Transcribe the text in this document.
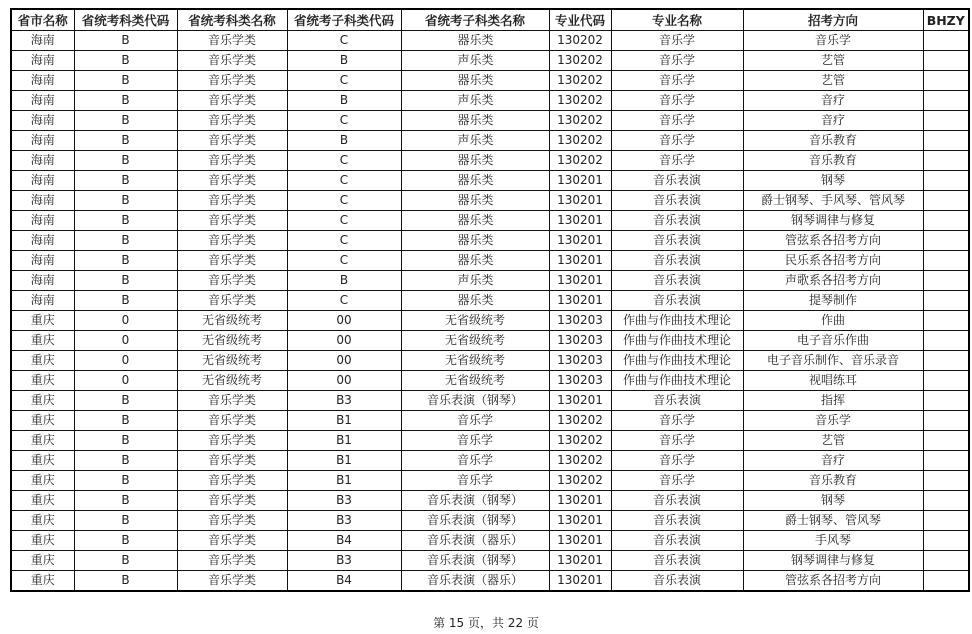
省市名称	省统考科类代码	省统考科类名称	省统考子科类代码	省统考子科类名称	专业代码	专业名称	招考方向	BHZY
海南	B	音乐学类	C	器乐类	130202	音乐学	音乐学	
海南	B	音乐学类	B	声乐类	130202	音乐学	艺管	
海南	B	音乐学类	C	器乐类	130202	音乐学	艺管	
海南	B	音乐学类	B	声乐类	130202	音乐学	音疗	
海南	B	音乐学类	C	器乐类	130202	音乐学	音疗	
海南	B	音乐学类	B	声乐类	130202	音乐学	音乐教育	
海南	B	音乐学类	C	器乐类	130202	音乐学	音乐教育	
海南	B	音乐学类	C	器乐类	130201	音乐表演	钢琴	
海南	B	音乐学类	C	器乐类	130201	音乐表演	爵士钢琴、手风琴、管风琴	
海南	B	音乐学类	C	器乐类	130201	音乐表演	钢琴调律与修复	
海南	B	音乐学类	C	器乐类	130201	音乐表演	管弦系各招考方向	
海南	B	音乐学类	C	器乐类	130201	音乐表演	民乐系各招考方向	
海南	B	音乐学类	B	声乐类	130201	音乐表演	声歌系各招考方向	
海南	B	音乐学类	C	器乐类	130201	音乐表演	提琴制作	
重庆	0	无省级统考	00	无省级统考	130203	作曲与作曲技术理论	作曲	
重庆	0	无省级统考	00	无省级统考	130203	作曲与作曲技术理论	电子音乐作曲	
重庆	0	无省级统考	00	无省级统考	130203	作曲与作曲技术理论	电子音乐制作、音乐录音	
重庆	0	无省级统考	00	无省级统考	130203	作曲与作曲技术理论	视唱练耳	
重庆	B	音乐学类	B3	音乐表演（钢琴）	130201	音乐表演	指挥	
重庆	B	音乐学类	B1	音乐学	130202	音乐学	音乐学	
重庆	B	音乐学类	B1	音乐学	130202	音乐学	艺管	
重庆	B	音乐学类	B1	音乐学	130202	音乐学	音疗	
重庆	B	音乐学类	B1	音乐学	130202	音乐学	音乐教育	
重庆	B	音乐学类	B3	音乐表演（钢琴）	130201	音乐表演	钢琴	
重庆	B	音乐学类	B3	音乐表演（钢琴）	130201	音乐表演	爵士钢琴、管风琴	
重庆	B	音乐学类	B4	音乐表演（器乐）	130201	音乐表演	手风琴	
重庆	B	音乐学类	B3	音乐表演（钢琴）	130201	音乐表演	钢琴调律与修复	
重庆	B	音乐学类	B4	音乐表演（器乐）	130201	音乐表演	管弦系各招考方向	
第 15 页，共 22 页
